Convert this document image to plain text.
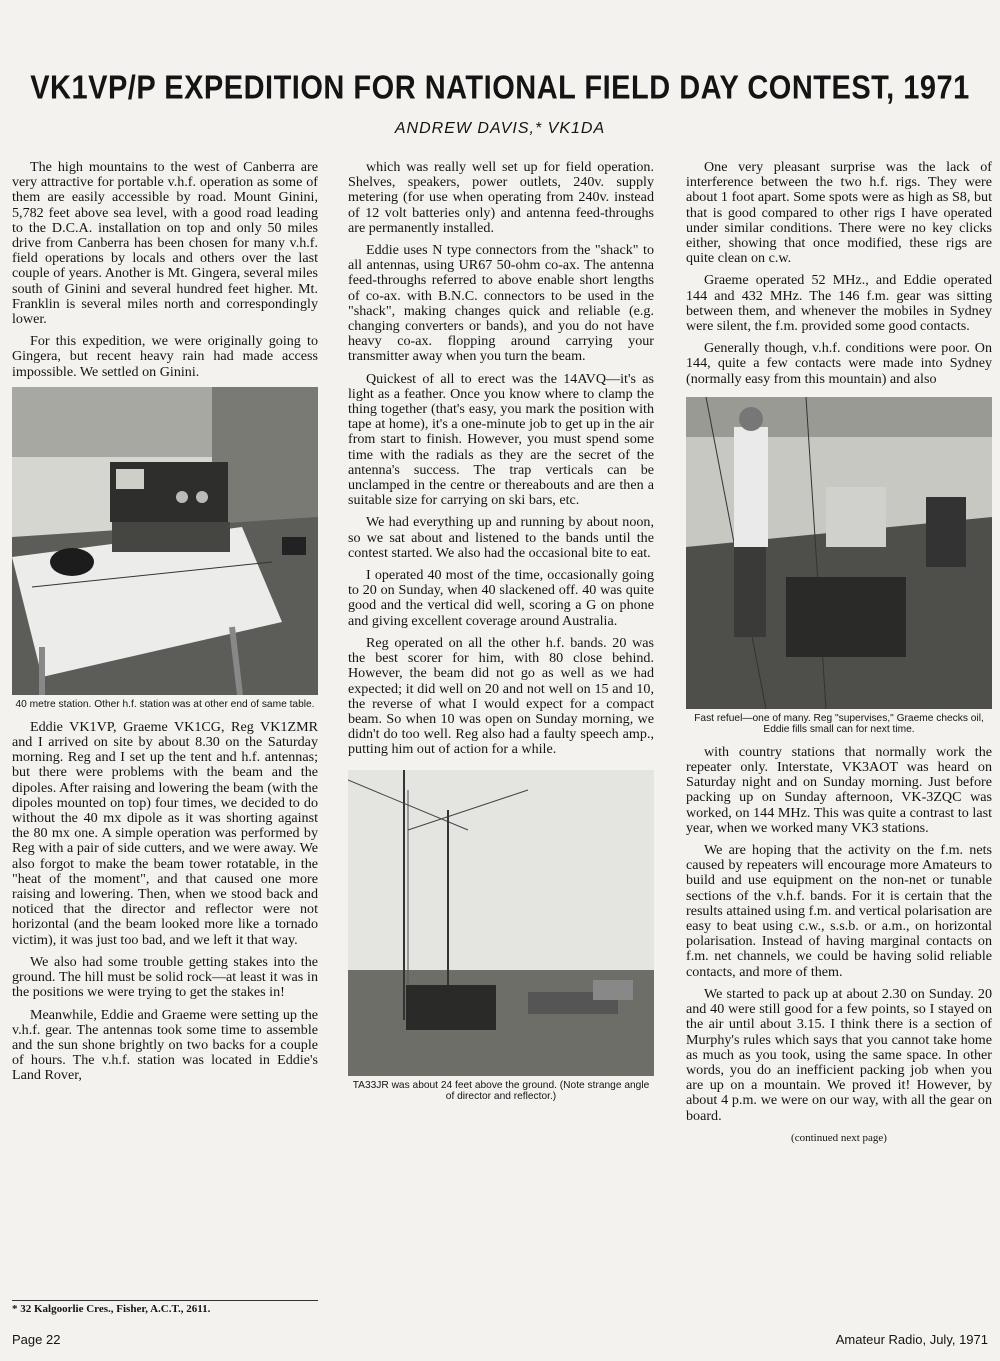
VK1VP/P EXPEDITION FOR NATIONAL FIELD DAY CONTEST, 1971
ANDREW DAVIS,* VK1DA

The high mountains to the west of Canberra are very attractive for portable v.h.f. operation as some of them are easily accessible by road. Mount Ginini, 5,782 feet above sea level, with a good road leading to the D.C.A. installation on top and only 50 miles drive from Canberra has been chosen for many v.h.f. field operations by locals and others over the last couple of years. Another is Mt. Gingera, several miles south of Ginini and several hundred feet higher. Mt. Franklin is several miles north and correspondingly lower.

For this expedition, we were originally going to Gingera, but recent heavy rain had made access impossible. We settled on Ginini.

40 metre station. Other h.f. station was at other end of same table.

Eddie VK1VP, Graeme VK1CG, Reg VK1ZMR and I arrived on site by about 8.30 on the Saturday morning. Reg and I set up the tent and h.f. antennas; but there were problems with the beam and the dipoles. After raising and lowering the beam (with the dipoles mounted on top) four times, we decided to do without the 40 mx dipole as it was shorting against the 80 mx one. A simple operation was performed by Reg with a pair of side cutters, and we were away. We also forgot to make the beam tower rotatable, in the "heat of the moment", and that caused one more raising and lowering. Then, when we stood back and noticed that the director and reflector were not horizontal (and the beam looked more like a tornado victim), it was just too bad, and we left it that way.

We also had some trouble getting stakes into the ground. The hill must be solid rock—at least it was in the positions we were trying to get the stakes in!

Meanwhile, Eddie and Graeme were setting up the v.h.f. gear. The antennas took some time to assemble and the sun shone brightly on two backs for a couple of hours. The v.h.f. station was located in Eddie's Land Rover,

* 32 Kalgoorlie Cres., Fisher, A.C.T., 2611.

which was really well set up for field operation. Shelves, speakers, power outlets, 240v. supply metering (for use when operating from 240v. instead of 12 volt batteries only) and antenna feed-throughs are permanently installed.

Eddie uses N type connectors from the "shack" to all antennas, using UR67 50-ohm co-ax. The antenna feed-throughs referred to above enable short lengths of co-ax. with B.N.C. connectors to be used in the "shack", making changes quick and reliable (e.g. changing converters or bands), and you do not have heavy co-ax. flopping around carrying your transmitter away when you turn the beam.

Quickest of all to erect was the 14AVQ—it's as light as a feather. Once you know where to clamp the thing together (that's easy, you mark the position with tape at home), it's a one-minute job to get up in the air from start to finish. However, you must spend some time with the radials as they are the secret of the antenna's success. The trap verticals can be unclamped in the centre or thereabouts and are then a suitable size for carrying on ski bars, etc.

We had everything up and running by about noon, so we sat about and listened to the bands until the contest started. We also had the occasional bite to eat.

I operated 40 most of the time, occasionally going to 20 on Sunday, when 40 slackened off. 40 was quite good and the vertical did well, scoring a G on phone and giving excellent coverage around Australia.

Reg operated on all the other h.f. bands. 20 was the best scorer for him, with 80 close behind. However, the beam did not go as well as we had expected; it did well on 20 and not well on 15 and 10, the reverse of what I would expect for a compact beam. So when 10 was open on Sunday morning, we didn't do too well. Reg also had a faulty speech amp., putting him out of action for a while.

TA33JR was about 24 feet above the ground. (Note strange angle of director and reflector.)

One very pleasant surprise was the lack of interference between the two h.f. rigs. They were about 1 foot apart. Some spots were as high as S8, but that is good compared to other rigs I have operated under similar conditions. There were no key clicks either, showing that once modified, these rigs are quite clean on c.w.

Graeme operated 52 MHz., and Eddie operated 144 and 432 MHz. The 146 f.m. gear was sitting between them, and whenever the mobiles in Sydney were silent, the f.m. provided some good contacts.

Generally though, v.h.f. conditions were poor. On 144, quite a few contacts were made into Sydney (normally easy from this mountain) and also

Fast refuel—one of many. Reg "supervises," Graeme checks oil, Eddie fills small can for next time.

with country stations that normally work the repeater only. Interstate, VK3AOT was heard on Saturday night and on Sunday morning. Just before packing up on Sunday afternoon, VK-3ZQC was worked, on 144 MHz. This was quite a contrast to last year, when we worked many VK3 stations.

We are hoping that the activity on the f.m. nets caused by repeaters will encourage more Amateurs to build and use equipment on the non-net or tunable sections of the v.h.f. bands. For it is certain that the results attained using f.m. and vertical polarisation are easy to beat using c.w., s.s.b. or a.m., on horizontal polarisation. Instead of having marginal contacts on f.m. net channels, we could be having solid reliable contacts, and more of them.

We started to pack up at about 2.30 on Sunday. 20 and 40 were still good for a few points, so I stayed on the air until about 3.15. I think there is a section of Murphy's rules which says that you cannot take home as much as you took, using the same space. In other words, you do an inefficient packing job when you are up on a mountain. We proved it! However, by about 4 p.m. we were on our way, with all the gear on board.

(continued next page)

Page 22	Amateur Radio, July, 1971
